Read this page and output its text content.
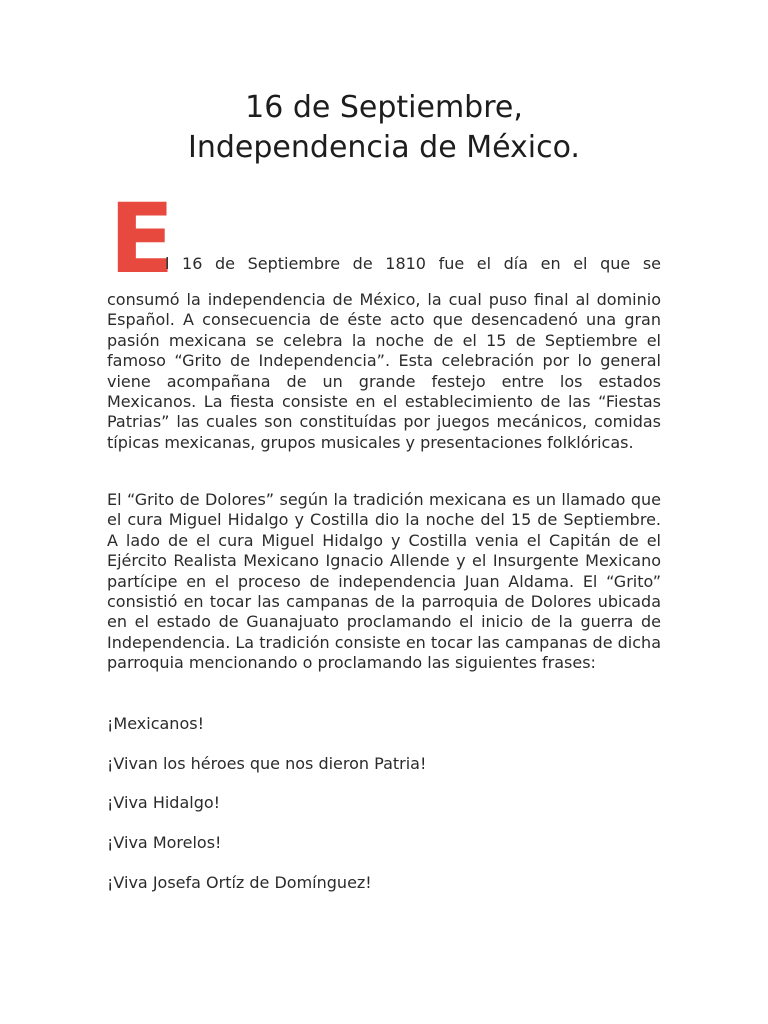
16 de Septiembre,
Independencia de México.
E
l 16 de Septiembre de 1810 fue el día en el que se

consumó la independencia de México, la cual puso final al dominio Español. A consecuencia de éste acto que desencadenó una gran pasión mexicana se celebra la noche de el 15 de Septiembre el famoso “Grito de Independencia”. Esta celebración por lo general viene acompañana de un grande festejo entre los estados Mexicanos. La fiesta consiste en el establecimiento de las “Fiestas Patrias” las cuales son constituídas por juegos mecánicos, comidas típicas mexicanas, grupos musicales y presentaciones folklóricas.

El “Grito de Dolores” según la tradición mexicana es un llamado que el cura Miguel Hidalgo y Costilla dio la noche del 15 de Septiembre. A lado de el cura Miguel Hidalgo y Costilla venia el Capitán de el Ejército Realista Mexicano Ignacio Allende y el Insurgente Mexicano partícipe en el proceso de independencia Juan Aldama. El “Grito” consistió en tocar las campanas de la parroquia de Dolores ubicada en el estado de Guanajuato proclamando el inicio de la guerra de Independencia. La tradición consiste en tocar las campanas de dicha parroquia mencionando o proclamando las siguientes frases:

¡Mexicanos!

¡Vivan los héroes que nos dieron Patria!

¡Viva Hidalgo!

¡Viva Morelos!

¡Viva Josefa Ortíz de Domínguez!
